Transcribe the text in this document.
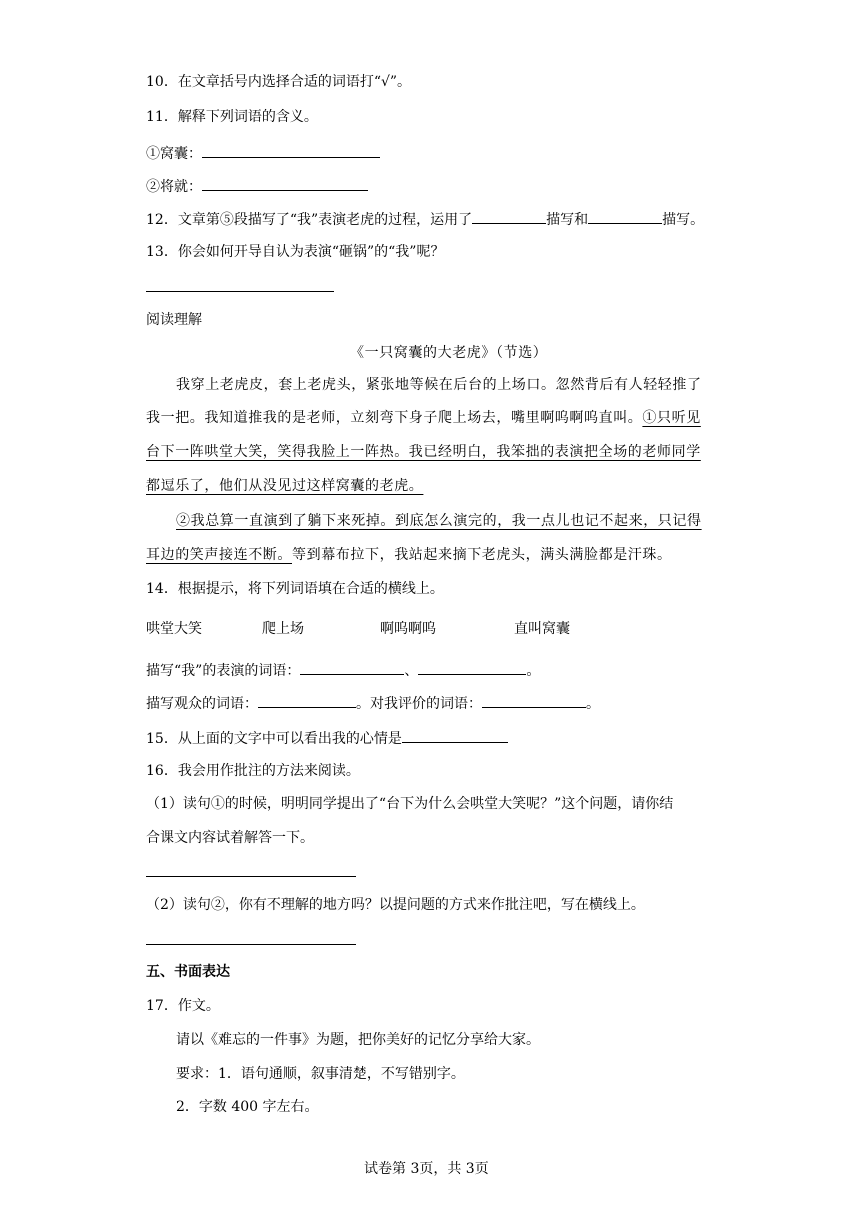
10．在文章括号内选择合适的词语打“√”。
11．解释下列词语的含义。
①窝囊：
②将就：
12．文章第⑤段描写了“我”表演老虎的过程，运用了	描写和	描写。
13．你会如何开导自认为表演“砸锅”的“我”呢？
阅读理解
《一只窝囊的大老虎》（节选）
我穿上老虎皮，套上老虎头，紧张地等候在后台的上场口。忽然背后有人轻轻推了
我一把。我知道推我的是老师，立刻弯下身子爬上场去，嘴里啊呜啊呜直叫。①只听见
台下一阵哄堂大笑，笑得我脸上一阵热。我已经明白，我笨拙的表演把全场的老师同学
都逗乐了，他们从没见过这样窝囊的老虎。
②我总算一直演到了躺下来死掉。到底怎么演完的，我一点儿也记不起来，只记得
耳边的笑声接连不断。等到幕布拉下，我站起来摘下老虎头，满头满脸都是汗珠。
14．根据提示，将下列词语填在合适的横线上。
哄堂大笑	爬上场	啊呜啊呜	直叫窝囊
描写“我”的表演的词语：	、	。
描写观众的词语：	。对我评价的词语：	。
15．从上面的文字中可以看出我的心情是
16．我会用作批注的方法来阅读。
（1）读句①的时候，明明同学提出了“台下为什么会哄堂大笑呢？”这个问题，请你结
合课文内容试着解答一下。
（2）读句②，你有不理解的地方吗？以提问题的方式来作批注吧，写在横线上。
五、书面表达
17．作文。
请以《难忘的一件事》为题，把你美好的记忆分享给大家。
要求：1．语句通顺，叙事清楚，不写错别字。
2．字数 400 字左右。
试卷第 3页，共 3页
